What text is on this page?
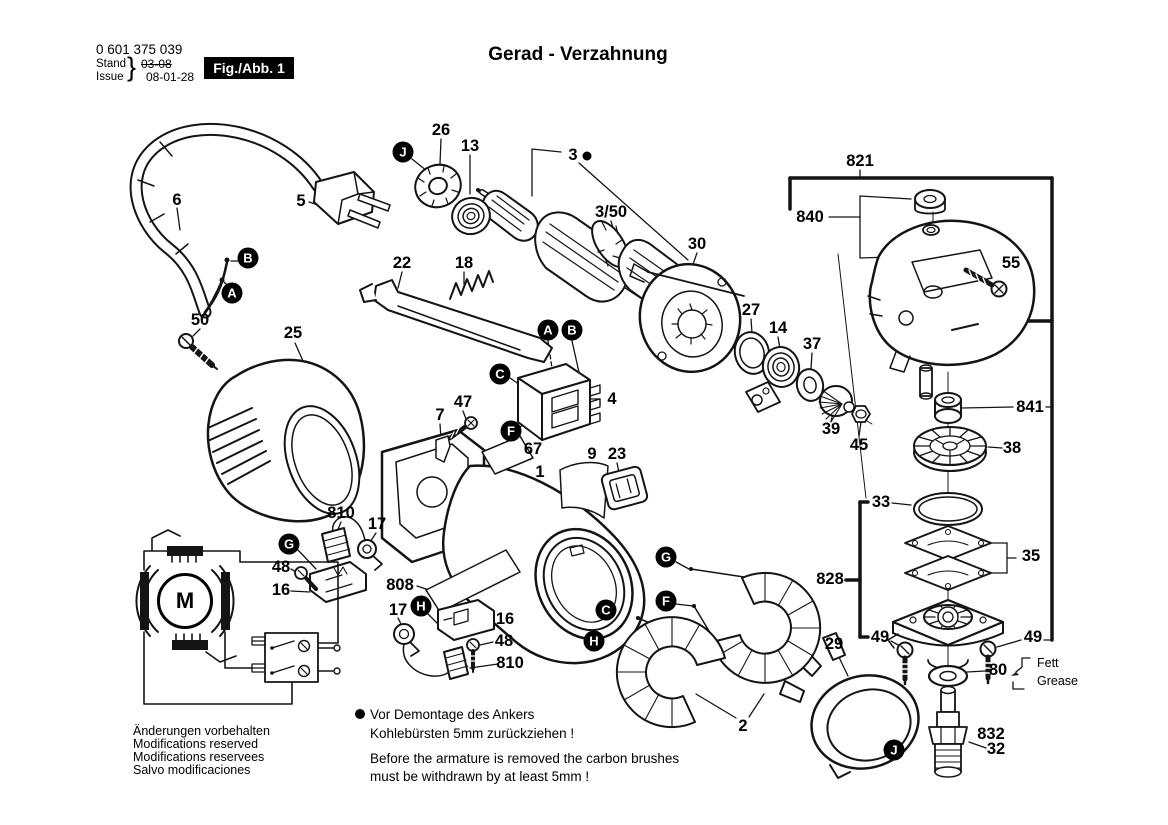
0 601 375 039
Stand
Issue } 03-08
08-01-28
Fig./Abb. 1
Gerad - Verzahnung
26
13	3
3/50
30
821
840
55
5
6
22	18
27
14
37
50
25
4	841
39
45
7
47
67
1
9 23	38
33
35
810
17
48
16	808	828
29 49	49
80
17	16
48
810
2	832
32
J
B
A
A	B
C
F
G
H
G
F
C
H
J
M
Fett
Grease
Vor Demontage des Ankers
Kohlebürsten 5mm zurückziehen !
Before the armature is removed the carbon brushes
must be withdrawn by at least 5mm !
Änderungen vorbehalten
Modifications reserved
Modifications reservees
Salvo modificaciones
